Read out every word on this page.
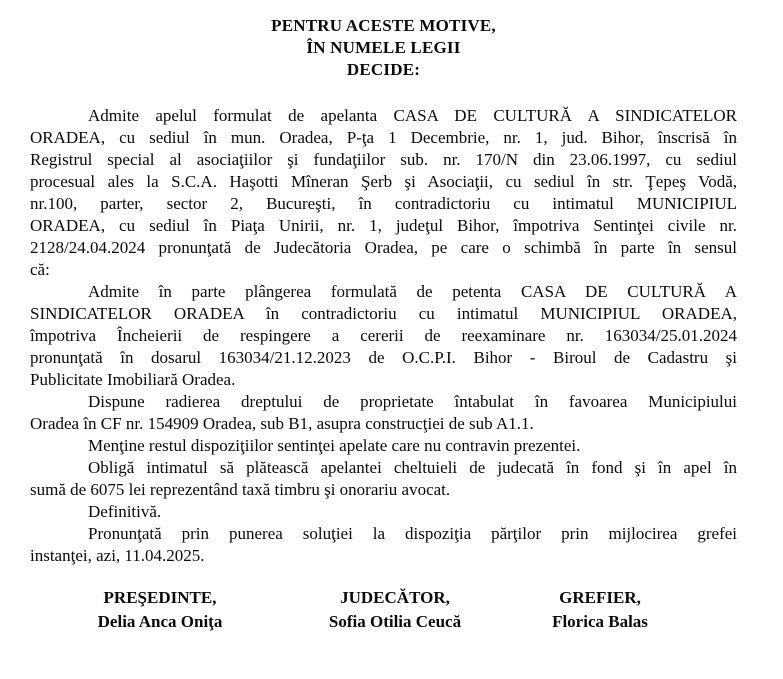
PENTRU ACESTE MOTIVE,
ÎN NUMELE LEGII
DECIDE:

Admite apelul formulat de apelanta CASA DE CULTURĂ A SINDICATELOR
ORADEA, cu sediul în mun. Oradea, P-ţa 1 Decembrie, nr. 1, jud. Bihor, înscrisă în
Registrul special al asociaţiilor şi fundaţiilor sub. nr. 170/N din 23.06.1997, cu sediul
procesual ales la S.C.A. Haşotti Mîneran Şerb şi Asociaţii, cu sediul în str. Ţepeş Vodă,
nr.100, parter, sector 2, Bucureşti, în contradictoriu cu intimatul MUNICIPIUL
ORADEA, cu sediul în Piaţa Unirii, nr. 1, judeţul Bihor, împotriva Sentinţei civile nr.
2128/24.04.2024 pronunţată de Judecătoria Oradea, pe care o schimbă în parte în sensul
că:

Admite în parte plângerea formulată de petenta CASA DE CULTURĂ A
SINDICATELOR ORADEA în contradictoriu cu intimatul MUNICIPIUL ORADEA,
împotriva Încheierii de respingere a cererii de reexaminare nr. 163034/25.01.2024
pronunţată în dosarul 163034/21.12.2023 de O.C.P.I. Bihor - Biroul de Cadastru şi
Publicitate Imobiliară Oradea.

Dispune radierea dreptului de proprietate întabulat în favoarea Municipiului
Oradea în CF nr. 154909 Oradea, sub B1, asupra construcţiei de sub A1.1.

Menţine restul dispoziţiilor sentinţei apelate care nu contravin prezentei.

Obligă intimatul să plătească apelantei cheltuieli de judecată în fond şi în apel în
sumă de 6075 lei reprezentând taxă timbru şi onorariu avocat.

Definitivă.

Pronunţată prin punerea soluţiei la dispoziţia părţilor prin mijlocirea grefei
instanţei, azi, 11.04.2025.

PREŞEDINTE,
Delia Anca Oniţa
JUDECĂTOR,
Sofia Otilia Ceucă
GREFIER,
Florica Balas
